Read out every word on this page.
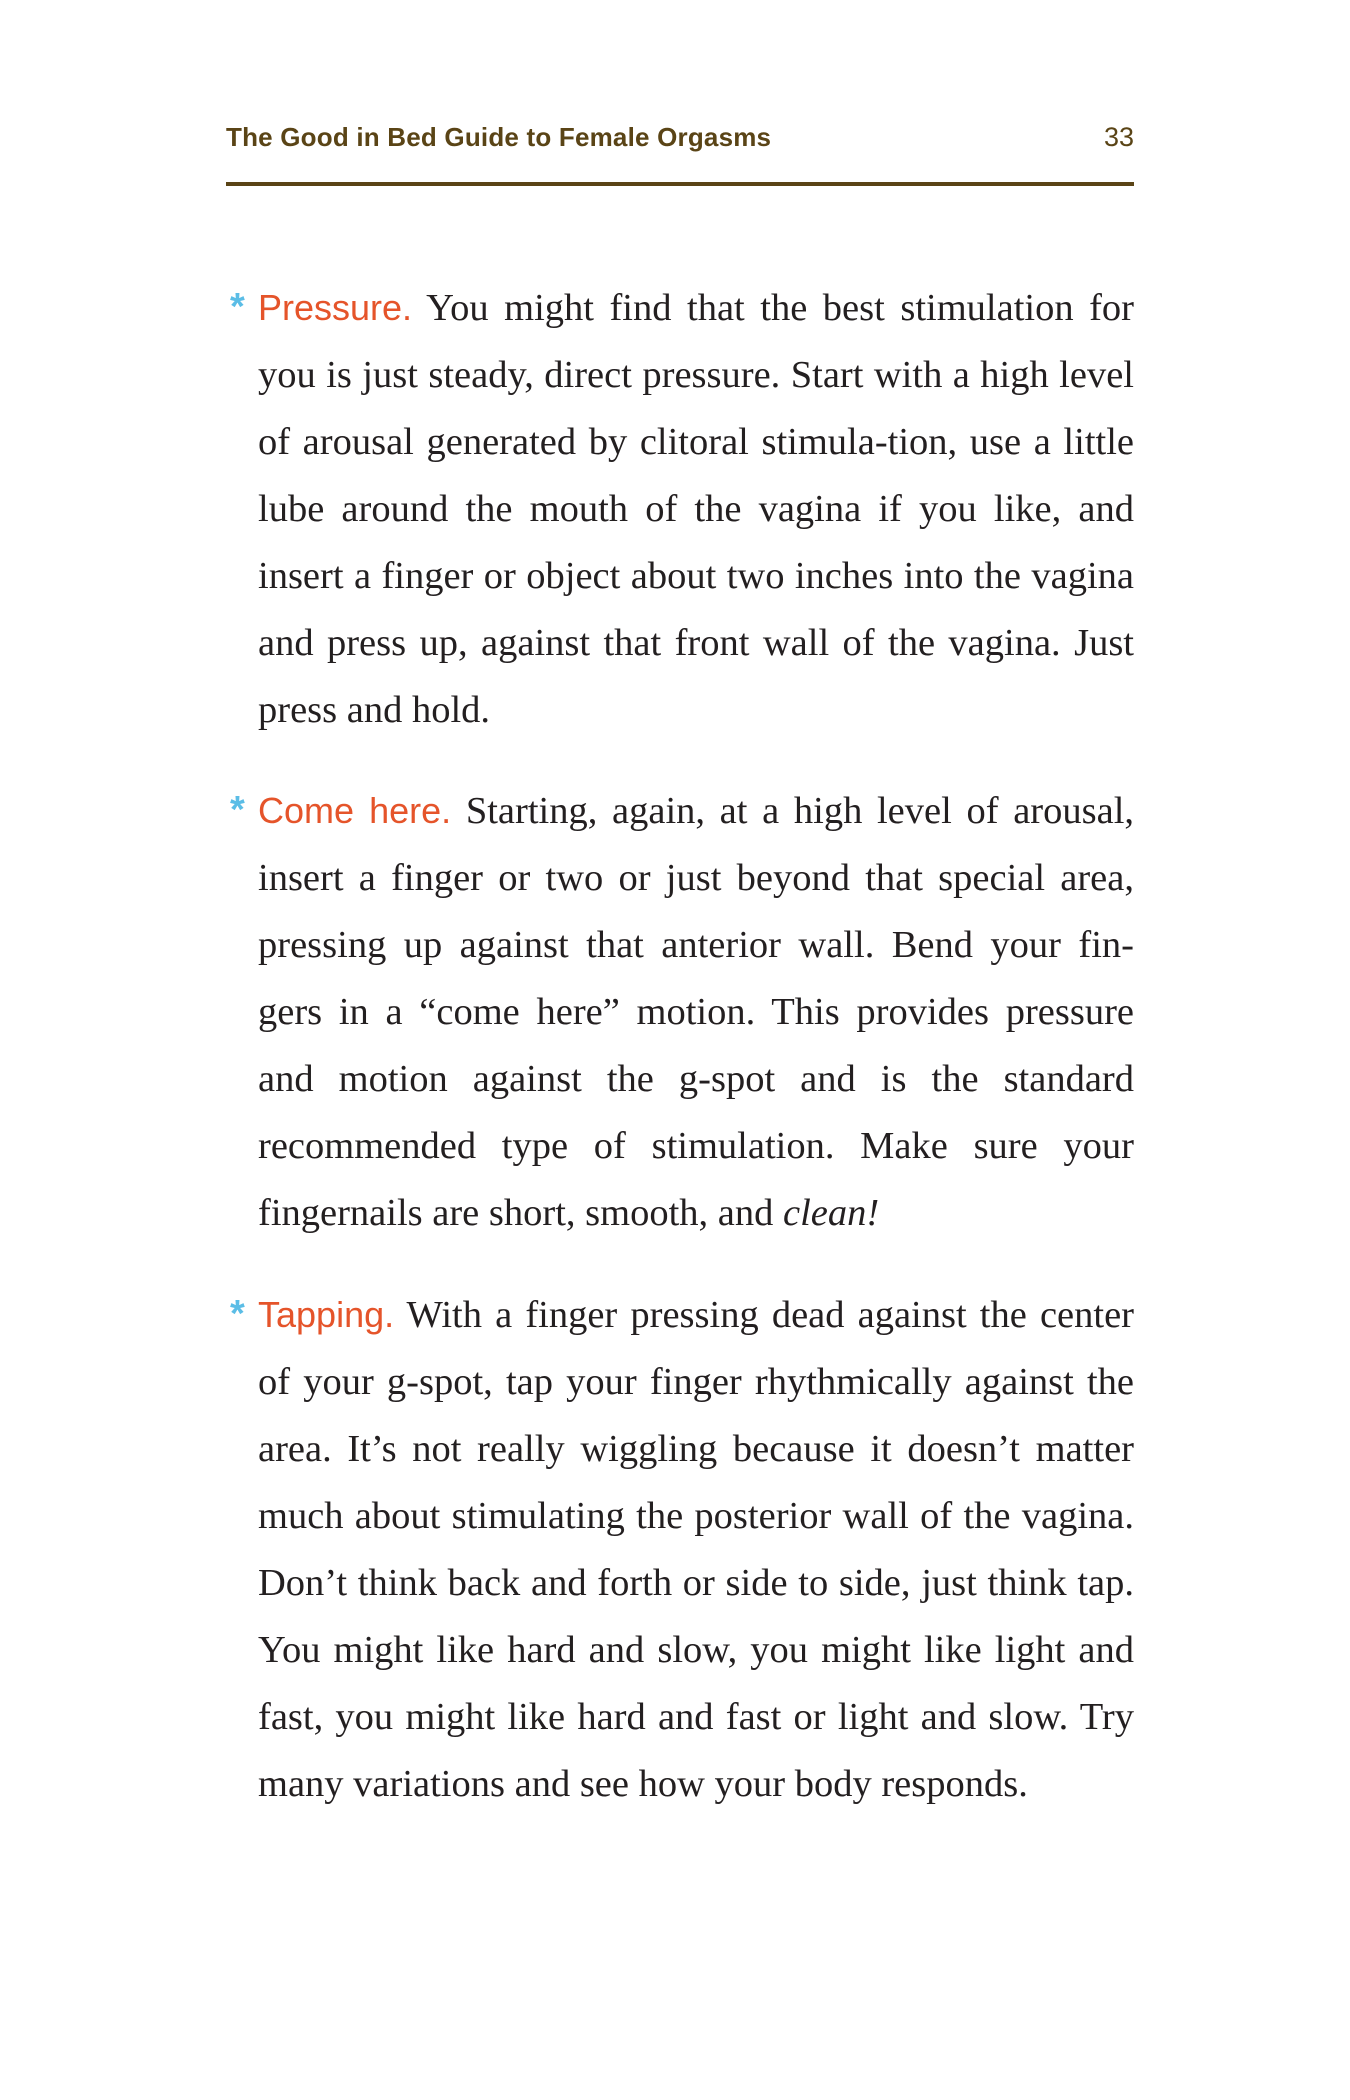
The Good in Bed Guide to Female Orgasms	33

* Pressure. You might find that the best stimulation for you is just steady, direct pressure. Start with a high level of arousal generated by clitoral stimula-tion, use a little lube around the mouth of the vagina if you like, and insert a finger or object about two inches into the vagina and press up, against that front wall of the vagina. Just press and hold.

* Come here. Starting, again, at a high level of arousal, insert a finger or two or just beyond that special area, pressing up against that anterior wall. Bend your fin-gers in a “come here” motion. This provides pressure and motion against the g-spot and is the standard recommended type of stimulation. Make sure your fingernails are short, smooth, and clean!

* Tapping. With a finger pressing dead against the center of your g-spot, tap your finger rhythmically against the area. It’s not really wiggling because it doesn’t matter much about stimulating the posterior wall of the vagina. Don’t think back and forth or side to side, just think tap. You might like hard and slow, you might like light and fast, you might like hard and fast or light and slow. Try many variations and see how your body responds.
